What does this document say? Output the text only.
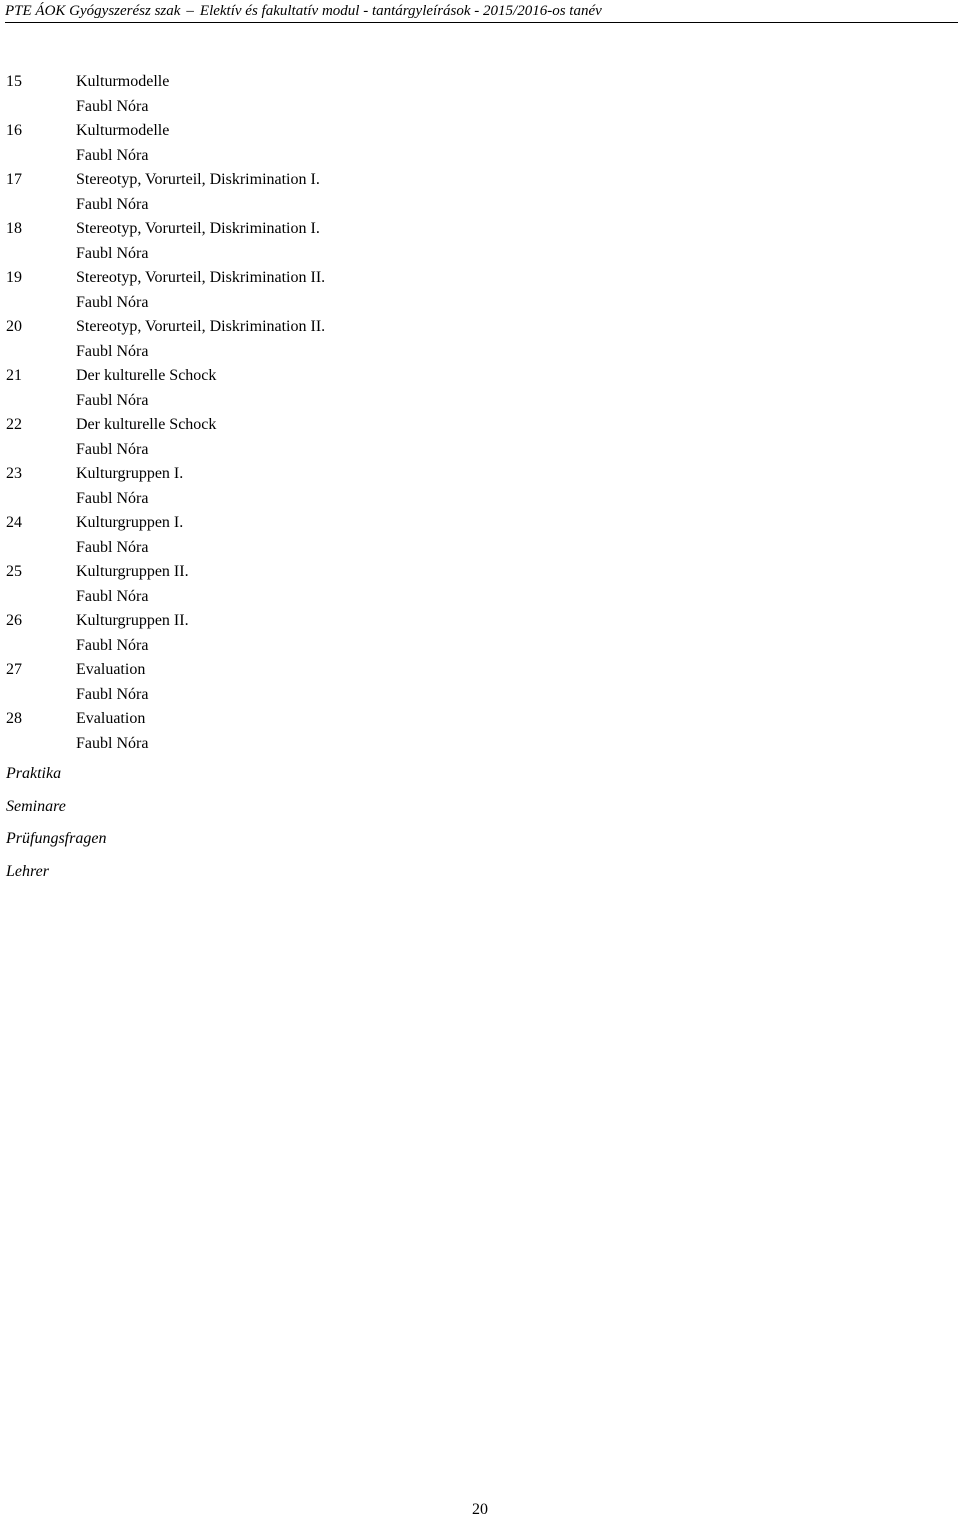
PTE ÁOK Gyógyszerész szak – Elektív és fakultatív modul - tantárgyleírások - 2015/2016-os tanév
15	Kulturmodelle
Faubl Nóra
16	Kulturmodelle
Faubl Nóra
17	Stereotyp, Vorurteil, Diskrimination I.
Faubl Nóra
18	Stereotyp, Vorurteil, Diskrimination I.
Faubl Nóra
19	Stereotyp, Vorurteil, Diskrimination II.
Faubl Nóra
20	Stereotyp, Vorurteil, Diskrimination II.
Faubl Nóra
21	Der kulturelle Schock
Faubl Nóra
22	Der kulturelle Schock
Faubl Nóra
23	Kulturgruppen I.
Faubl Nóra
24	Kulturgruppen I.
Faubl Nóra
25	Kulturgruppen II.
Faubl Nóra
26	Kulturgruppen II.
Faubl Nóra
27	Evaluation
Faubl Nóra
28	Evaluation
Faubl Nóra
Praktika
Seminare
Prüfungsfragen
Lehrer
20
